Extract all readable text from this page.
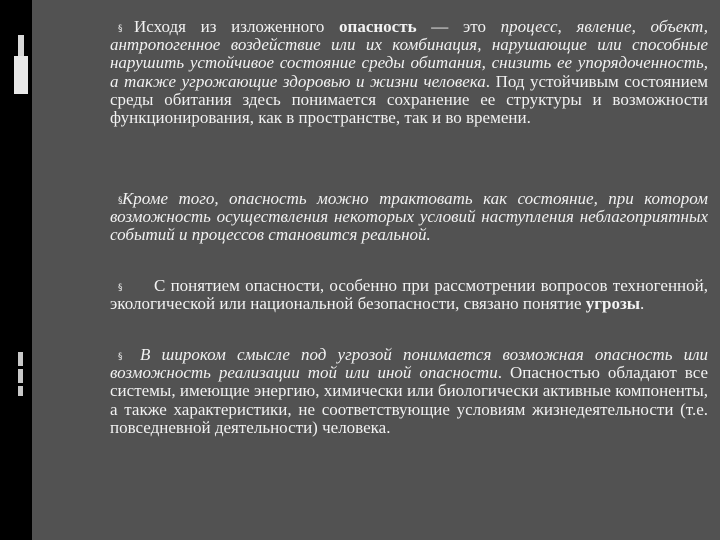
§ Исходя из изложенного опасность — это процесс, явление, объект, антропогенное воздействие или их комбинация, нарушающие или способные нарушить устойчивое состояние среды обитания, снизить ее упорядоченность, а также угрожающие здоровью и жизни человека. Под устойчивым состоянием среды обитания здесь понимается сохранение ее структуры и возможности функционирования, как в пространстве, так и во времени.
§ Кроме того, опасность можно трактовать как состояние, при котором возможность осуществления некоторых условий наступления неблагоприятных событий и процессов становится реальной.
§	С понятием опасности, особенно при рассмотрении вопросов техногенной, экологической или национальной безопасности, связано понятие угрозы.
§	В широком смысле под угрозой понимается возможная опасность или возможность реализации той или иной опасности. Опасностью обладают все системы, имеющие энергию, химически или биологически активные компоненты, а также характеристики, не соответствующие условиям жизнедеятельности (т.е. повседневной деятельности) человека.
